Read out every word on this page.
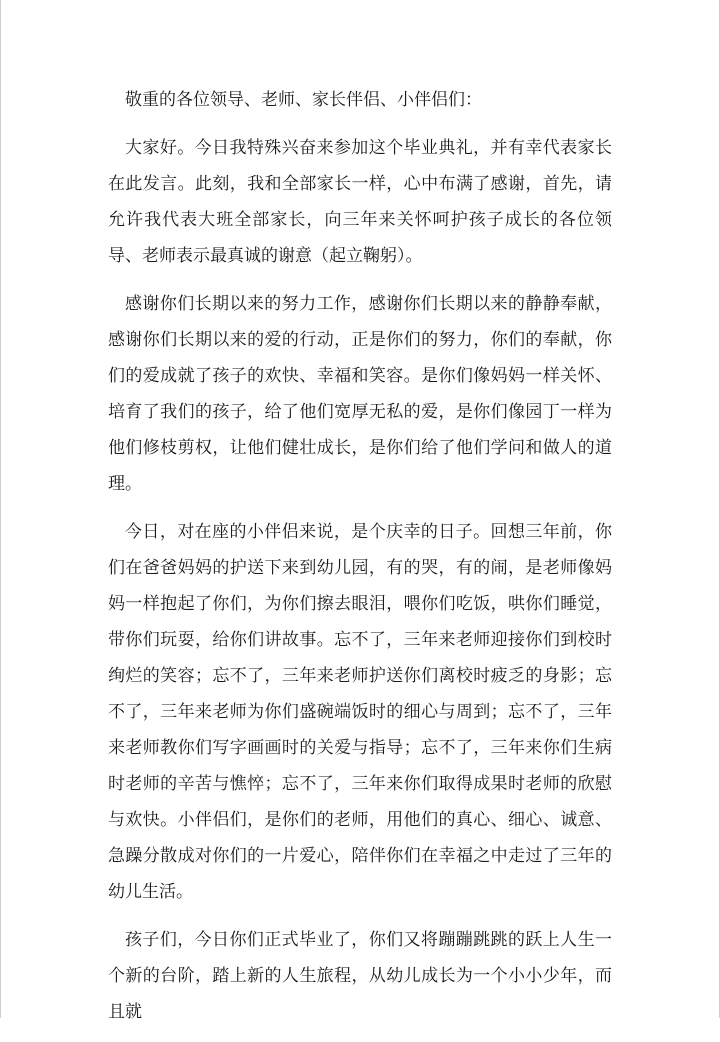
敬重的各位领导、老师、家长伴侣、小伴侣们：

大家好。今日我特殊兴奋来参加这个毕业典礼，并有幸代表家长在此发言。此刻，我和全部家长一样，心中布满了感谢，首先，请允许我代表大班全部家长，向三年来关怀呵护孩子成长的各位领导、老师表示最真诚的谢意（起立鞠躬）。

感谢你们长期以来的努力工作，感谢你们长期以来的静静奉献，感谢你们长期以来的爱的行动，正是你们的努力，你们的奉献，你们的爱成就了孩子的欢快、幸福和笑容。是你们像妈妈一样关怀、培育了我们的孩子，给了他们宽厚无私的爱，是你们像园丁一样为他们修枝剪权，让他们健壮成长，是你们给了他们学问和做人的道理。

今日，对在座的小伴侣来说，是个庆幸的日子。回想三年前，你们在爸爸妈妈的护送下来到幼儿园，有的哭，有的闹，是老师像妈妈一样抱起了你们，为你们擦去眼泪，喂你们吃饭，哄你们睡觉，带你们玩耍，给你们讲故事。忘不了，三年来老师迎接你们到校时绚烂的笑容；忘不了，三年来老师护送你们离校时疲乏的身影；忘不了，三年来老师为你们盛碗端饭时的细心与周到；忘不了，三年来老师教你们写字画画时的关爱与指导；忘不了，三年来你们生病时老师的辛苦与憔悴；忘不了，三年来你们取得成果时老师的欣慰与欢快。小伴侣们，是你们的老师，用他们的真心、细心、诚意、急躁分散成对你们的一片爱心，陪伴你们在幸福之中走过了三年的幼儿生活。

孩子们，今日你们正式毕业了，你们又将蹦蹦跳跳的跃上人生一个新的台阶，踏上新的人生旅程，从幼儿成长为一个小小少年，而且就
